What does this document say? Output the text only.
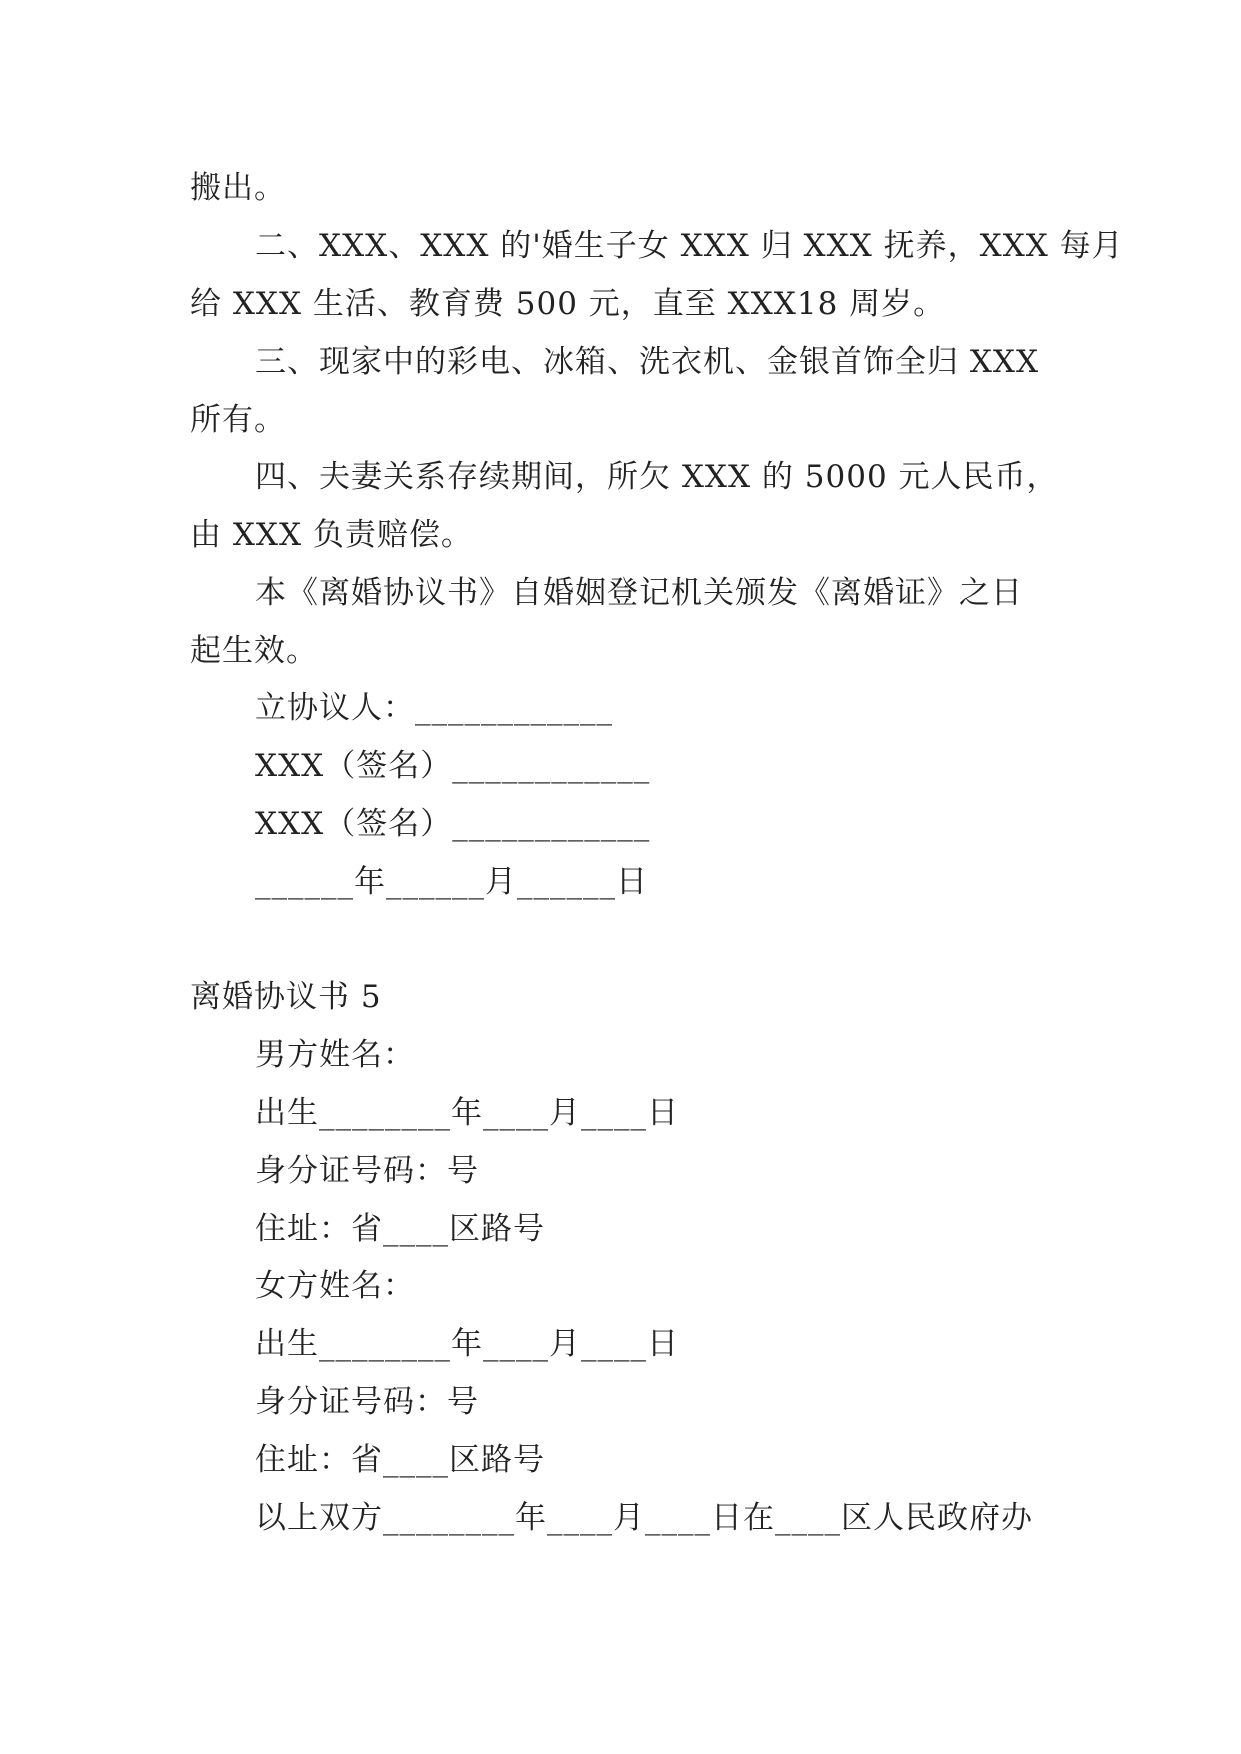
搬出。
二、XXX、XXX 的'婚生子女 XXX 归 XXX 抚养，XXX 每月
给 XXX 生活、教育费 500 元，直至 XXX18 周岁。
三、现家中的彩电、冰箱、洗衣机、金银首饰全归 XXX
所有。
四、夫妻关系存续期间，所欠 XXX 的 5000 元人民币，
由 XXX 负责赔偿。
本《离婚协议书》自婚姻登记机关颁发《离婚证》之日
起生效。
立协议人：____________
XXX（签名）____________
XXX（签名）____________
______年______月______日
离婚协议书 5
男方姓名：
出生________年____月____日
身分证号码：号
住址：省____区路号
女方姓名：
出生________年____月____日
身分证号码：号
住址：省____区路号
以上双方________年____月____日在____区人民政府办
